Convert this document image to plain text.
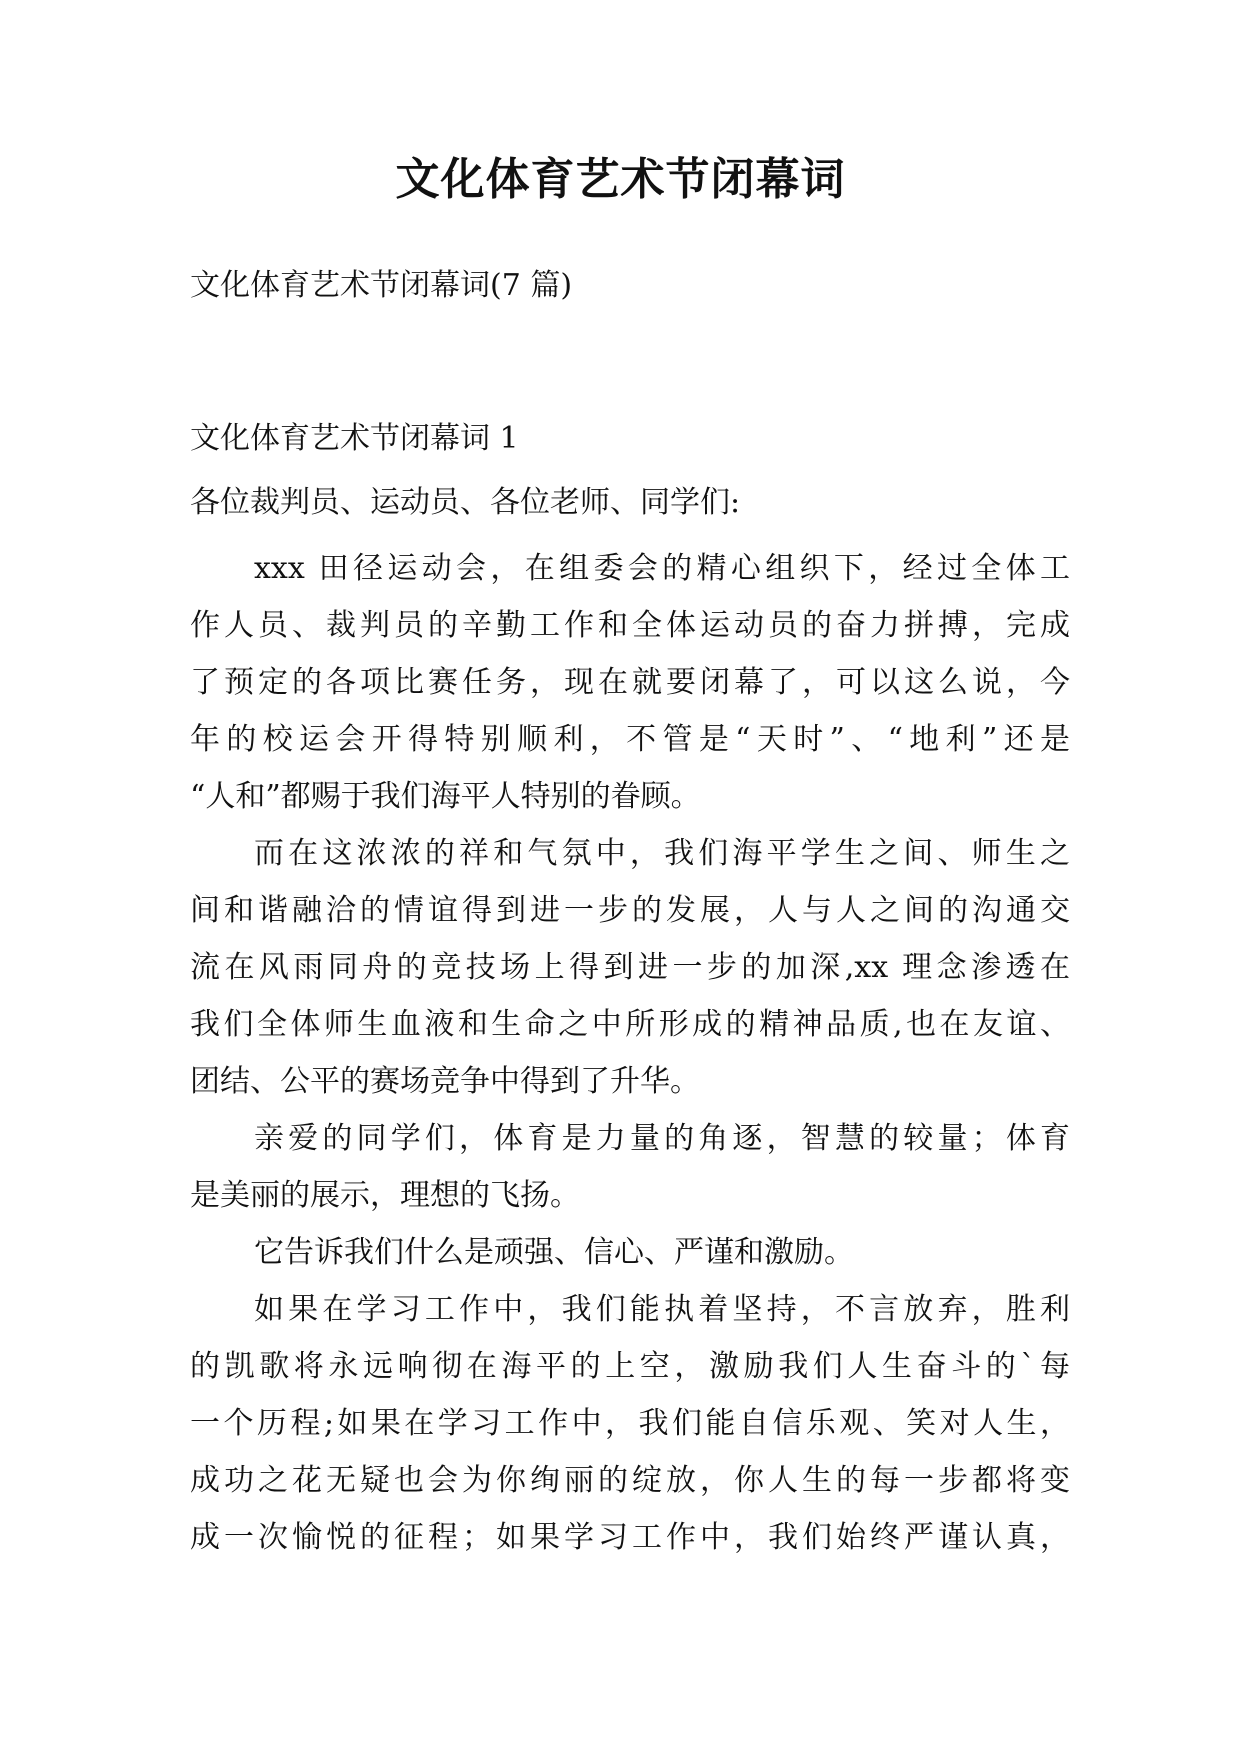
文化体育艺术节闭幕词
文化体育艺术节闭幕词(7 篇)
文化体育艺术节闭幕词 1
各位裁判员、运动员、各位老师、同学们:
xxx 田径运动会，在组委会的精心组织下，经过全体工
作人员、裁判员的辛勤工作和全体运动员的奋力拼搏，完成
了预定的各项比赛任务，现在就要闭幕了，可以这么说，今
年的校运会开得特别顺利，不管是“天时”、“地利”还是
“人和”都赐于我们海平人特别的眷顾。
而在这浓浓的祥和气氛中，我们海平学生之间、师生之
间和谐融洽的情谊得到进一步的发展，人与人之间的沟通交
流在风雨同舟的竞技场上得到进一步的加深,xx 理念渗透在
我们全体师生血液和生命之中所形成的精神品质,也在友谊、
团结、公平的赛场竞争中得到了升华。
亲爱的同学们，体育是力量的角逐，智慧的较量；体育
是美丽的展示，理想的飞扬。
它告诉我们什么是顽强、信心、严谨和激励。
如果在学习工作中，我们能执着坚持，不言放弃，胜利
的凯歌将永远响彻在海平的上空，激励我们人生奋斗的`每
一个历程;如果在学习工作中，我们能自信乐观、笑对人生，
成功之花无疑也会为你绚丽的绽放，你人生的每一步都将变
成一次愉悦的征程；如果学习工作中，我们始终严谨认真，
